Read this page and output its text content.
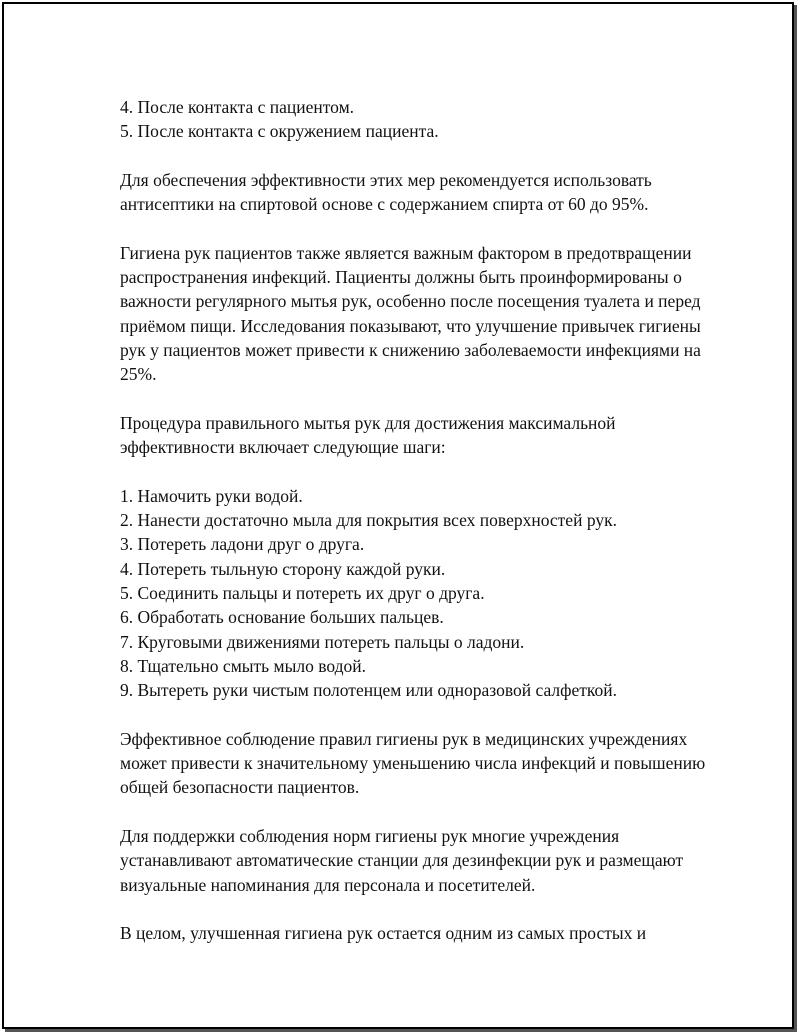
4. После контакта с пациентом.
5. После контакта с окружением пациента.

Для обеспечения эффективности этих мер рекомендуется использовать антисептики на спиртовой основе с содержанием спирта от 60 до 95%.

Гигиена рук пациентов также является важным фактором в предотвращении распространения инфекций. Пациенты должны быть проинформированы о важности регулярного мытья рук, особенно после посещения туалета и перед приёмом пищи. Исследования показывают, что улучшение привычек гигиены рук у пациентов может привести к снижению заболеваемости инфекциями на 25%.

Процедура правильного мытья рук для достижения максимальной эффективности включает следующие шаги:

1. Намочить руки водой.
2. Нанести достаточно мыла для покрытия всех поверхностей рук.
3. Потереть ладони друг о друга.
4. Потереть тыльную сторону каждой руки.
5. Соединить пальцы и потереть их друг о друга.
6. Обработать основание больших пальцев.
7. Круговыми движениями потереть пальцы о ладони.
8. Тщательно смыть мыло водой.
9. Вытереть руки чистым полотенцем или одноразовой салфеткой.

Эффективное соблюдение правил гигиены рук в медицинских учреждениях может привести к значительному уменьшению числа инфекций и повышению общей безопасности пациентов.

Для поддержки соблюдения норм гигиены рук многие учреждения устанавливают автоматические станции для дезинфекции рук и размещают визуальные напоминания для персонала и посетителей.

В целом, улучшенная гигиена рук остается одним из самых простых и
